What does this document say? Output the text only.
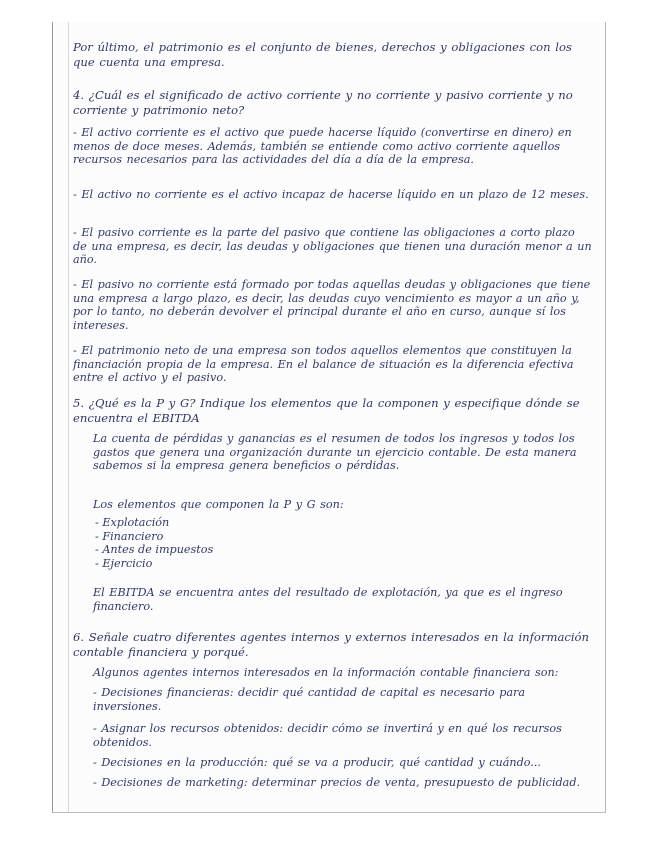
Por último, el patrimonio es el conjunto de bienes, derechos y obligaciones con los que cuenta una empresa.

4. ¿Cuál es el significado de activo corriente y no corriente y pasivo corriente y no corriente y patrimonio neto?

- El activo corriente es el activo que puede hacerse líquido (convertirse en dinero) en menos de doce meses. Además, también se entiende como activo corriente aquellos recursos necesarios para las actividades del día a día de la empresa.

- El activo no corriente es el activo incapaz de hacerse líquido en un plazo de 12 meses.

- El pasivo corriente es la parte del pasivo que contiene las obligaciones a corto plazo de una empresa, es decir, las deudas y obligaciones que tienen una duración menor a un año.

- El pasivo no corriente está formado por todas aquellas deudas y obligaciones que tiene una empresa a largo plazo, es decir, las deudas cuyo vencimiento es mayor a un año y, por lo tanto, no deberán devolver el principal durante el año en curso, aunque sí los intereses.

- El patrimonio neto de una empresa son todos aquellos elementos que constituyen la financiación propia de la empresa. En el balance de situación es la diferencia efectiva entre el activo y el pasivo.

5. ¿Qué es la P y G? Indique los elementos que la componen y especifique dónde se encuentra el EBITDA

La cuenta de pérdidas y ganancias es el resumen de todos los ingresos y todos los gastos que genera una organización durante un ejercicio contable. De esta manera sabemos si la empresa genera beneficios o pérdidas.

Los elementos que componen la P y G son:

- Explotación
- Financiero
- Antes de impuestos
- Ejercicio

El EBITDA se encuentra antes del resultado de explotación, ya que es el ingreso financiero.

6. Señale cuatro diferentes agentes internos y externos interesados en la información contable financiera y porqué.

Algunos agentes internos interesados en la información contable financiera son:

- Decisiones financieras: decidir qué cantidad de capital es necesario para inversiones.

- Asignar los recursos obtenidos: decidir cómo se invertirá y en qué los recursos obtenidos.

- Decisiones en la producción: qué se va a producir, qué cantidad y cuándo...

- Decisiones de marketing: determinar precios de venta, presupuesto de publicidad.
